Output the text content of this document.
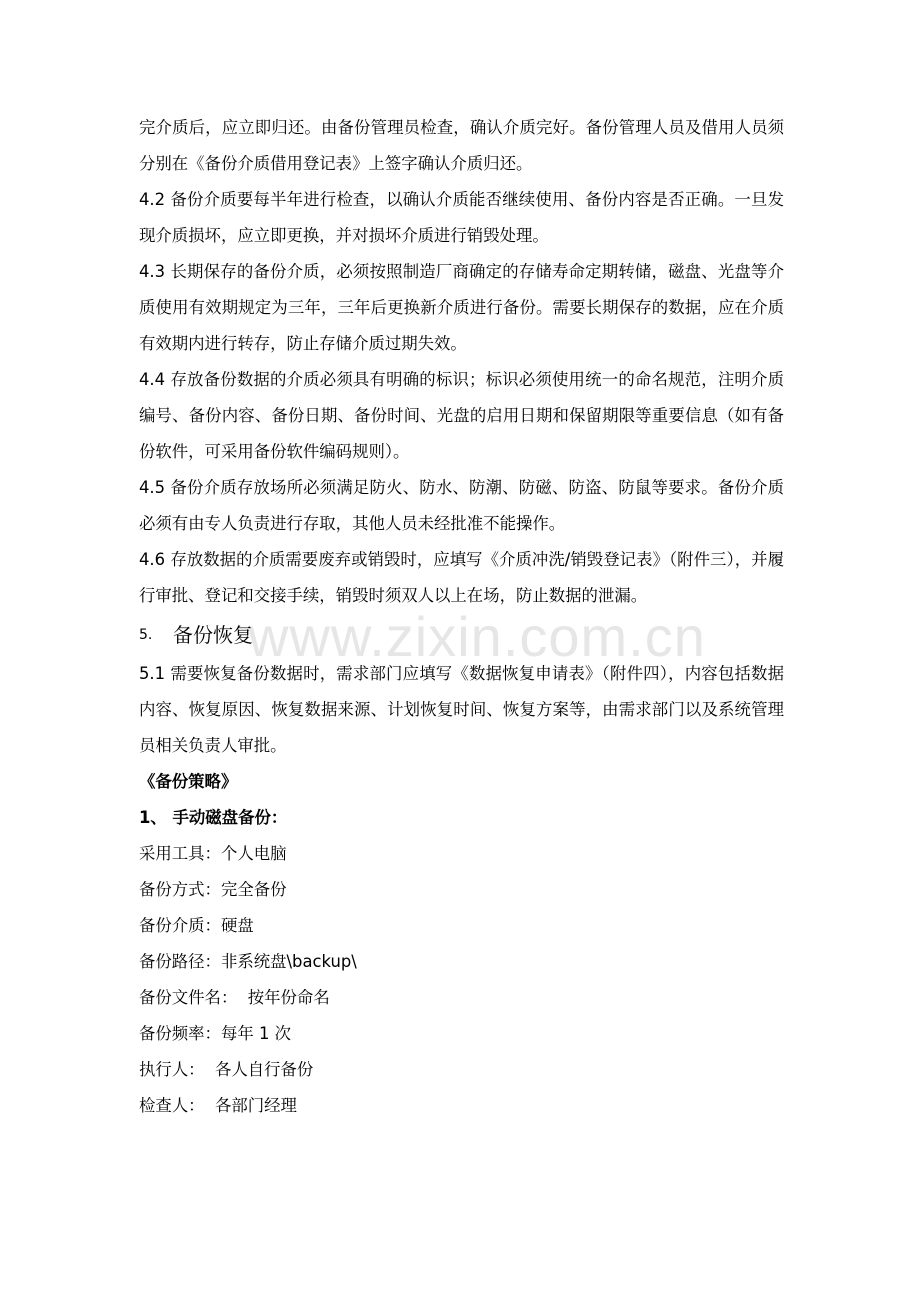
www.zixin.com.cn

完介质后，应立即归还。由备份管理员检查，确认介质完好。备份管理人员及借用人员须分别在《备份介质借用登记表》上签字确认介质归还。

4.2 备份介质要每半年进行检查，以确认介质能否继续使用、备份内容是否正确。一旦发现介质损坏，应立即更换，并对损坏介质进行销毁处理。

4.3 长期保存的备份介质，必须按照制造厂商确定的存储寿命定期转储，磁盘、光盘等介质使用有效期规定为三年，三年后更换新介质进行备份。需要长期保存的数据，应在介质有效期内进行转存，防止存储介质过期失效。

4.4 存放备份数据的介质必须具有明确的标识；标识必须使用统一的命名规范，注明介质编号、备份内容、备份日期、备份时间、光盘的启用日期和保留期限等重要信息（如有备份软件，可采用备份软件编码规则）。

4.5 备份介质存放场所必须满足防火、防水、防潮、防磁、防盗、防鼠等要求。备份介质必须有由专人负责进行存取，其他人员未经批准不能操作。

4.6 存放数据的介质需要废弃或销毁时，应填写《介质冲洗/销毁登记表》（附件三），并履行审批、登记和交接手续，销毁时须双人以上在场，防止数据的泄漏。

5.	备份恢复

5.1 需要恢复备份数据时，需求部门应填写《数据恢复申请表》（附件四），内容包括数据内容、恢复原因、恢复数据来源、计划恢复时间、恢复方案等，由需求部门以及系统管理员相关负责人审批。

《备份策略》

1、 手动磁盘备份：

采用工具：个人电脑

备份方式：完全备份

备份介质：硬盘

备份路径：非系统盘\backup\

备份文件名：  按年份命名

备份频率：每年 1 次

执行人：  各人自行备份

检查人：  各部门经理
